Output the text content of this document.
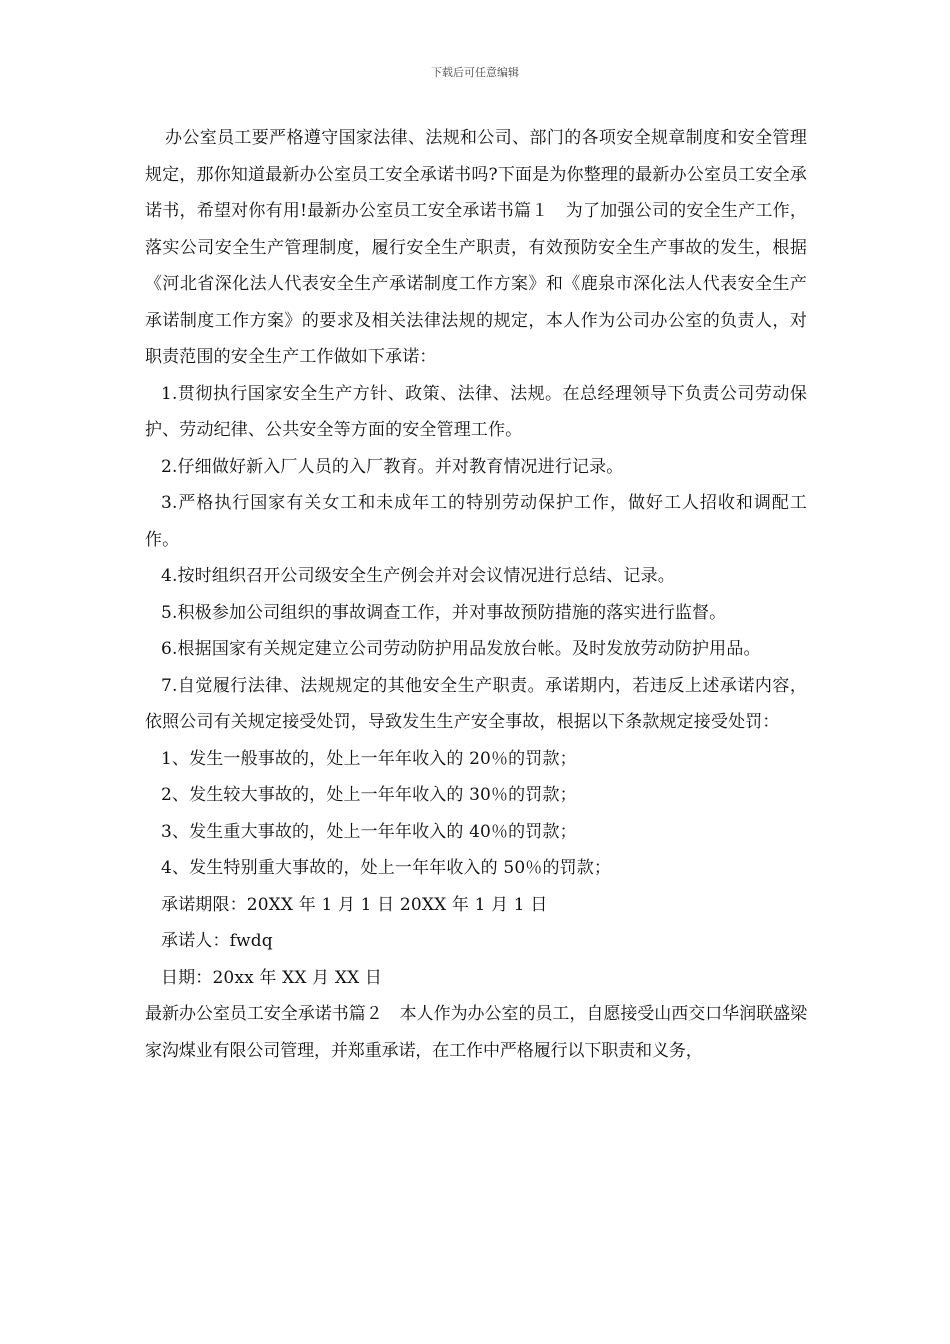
下载后可任意编辑

办公室员工要严格遵守国家法律、法规和公司、部门的各项安全规章制度和安全管理规定，那你知道最新办公室员工安全承诺书吗?下面是为你整理的最新办公室员工安全承诺书，希望对你有用!最新办公室员工安全承诺书篇１　为了加强公司的安全生产工作，落实公司安全生产管理制度，履行安全生产职责，有效预防安全生产事故的发生，根据《河北省深化法人代表安全生产承诺制度工作方案》和《鹿泉市深化法人代表安全生产承诺制度工作方案》的要求及相关法律法规的规定，本人作为公司办公室的负责人，对职责范围的安全生产工作做如下承诺：

1.贯彻执行国家安全生产方针、政策、法律、法规。在总经理领导下负责公司劳动保护、劳动纪律、公共安全等方面的安全管理工作。

2.仔细做好新入厂人员的入厂教育。并对教育情况进行记录。

3.严格执行国家有关女工和未成年工的特别劳动保护工作，做好工人招收和调配工作。

4.按时组织召开公司级安全生产例会并对会议情况进行总结、记录。

5.积极参加公司组织的事故调查工作，并对事故预防措施的落实进行监督。

6.根据国家有关规定建立公司劳动防护用品发放台帐。及时发放劳动防护用品。

7.自觉履行法律、法规规定的其他安全生产职责。承诺期内，若违反上述承诺内容，依照公司有关规定接受处罚，导致发生生产安全事故，根据以下条款规定接受处罚：

1、发生一般事故的，处上一年年收入的 20％的罚款；

2、发生较大事故的，处上一年年收入的 30％的罚款；

3、发生重大事故的，处上一年年收入的 40％的罚款；

4、发生特别重大事故的，处上一年年收入的 50％的罚款；

承诺期限：20XX 年 1 月 1 日 20XX 年 1 月 1 日

承诺人：fwdq

日期：20xx 年 XX 月 XX 日

最新办公室员工安全承诺书篇２　本人作为办公室的员工，自愿接受山西交口华润联盛梁家沟煤业有限公司管理，并郑重承诺，在工作中严格履行以下职责和义务，
